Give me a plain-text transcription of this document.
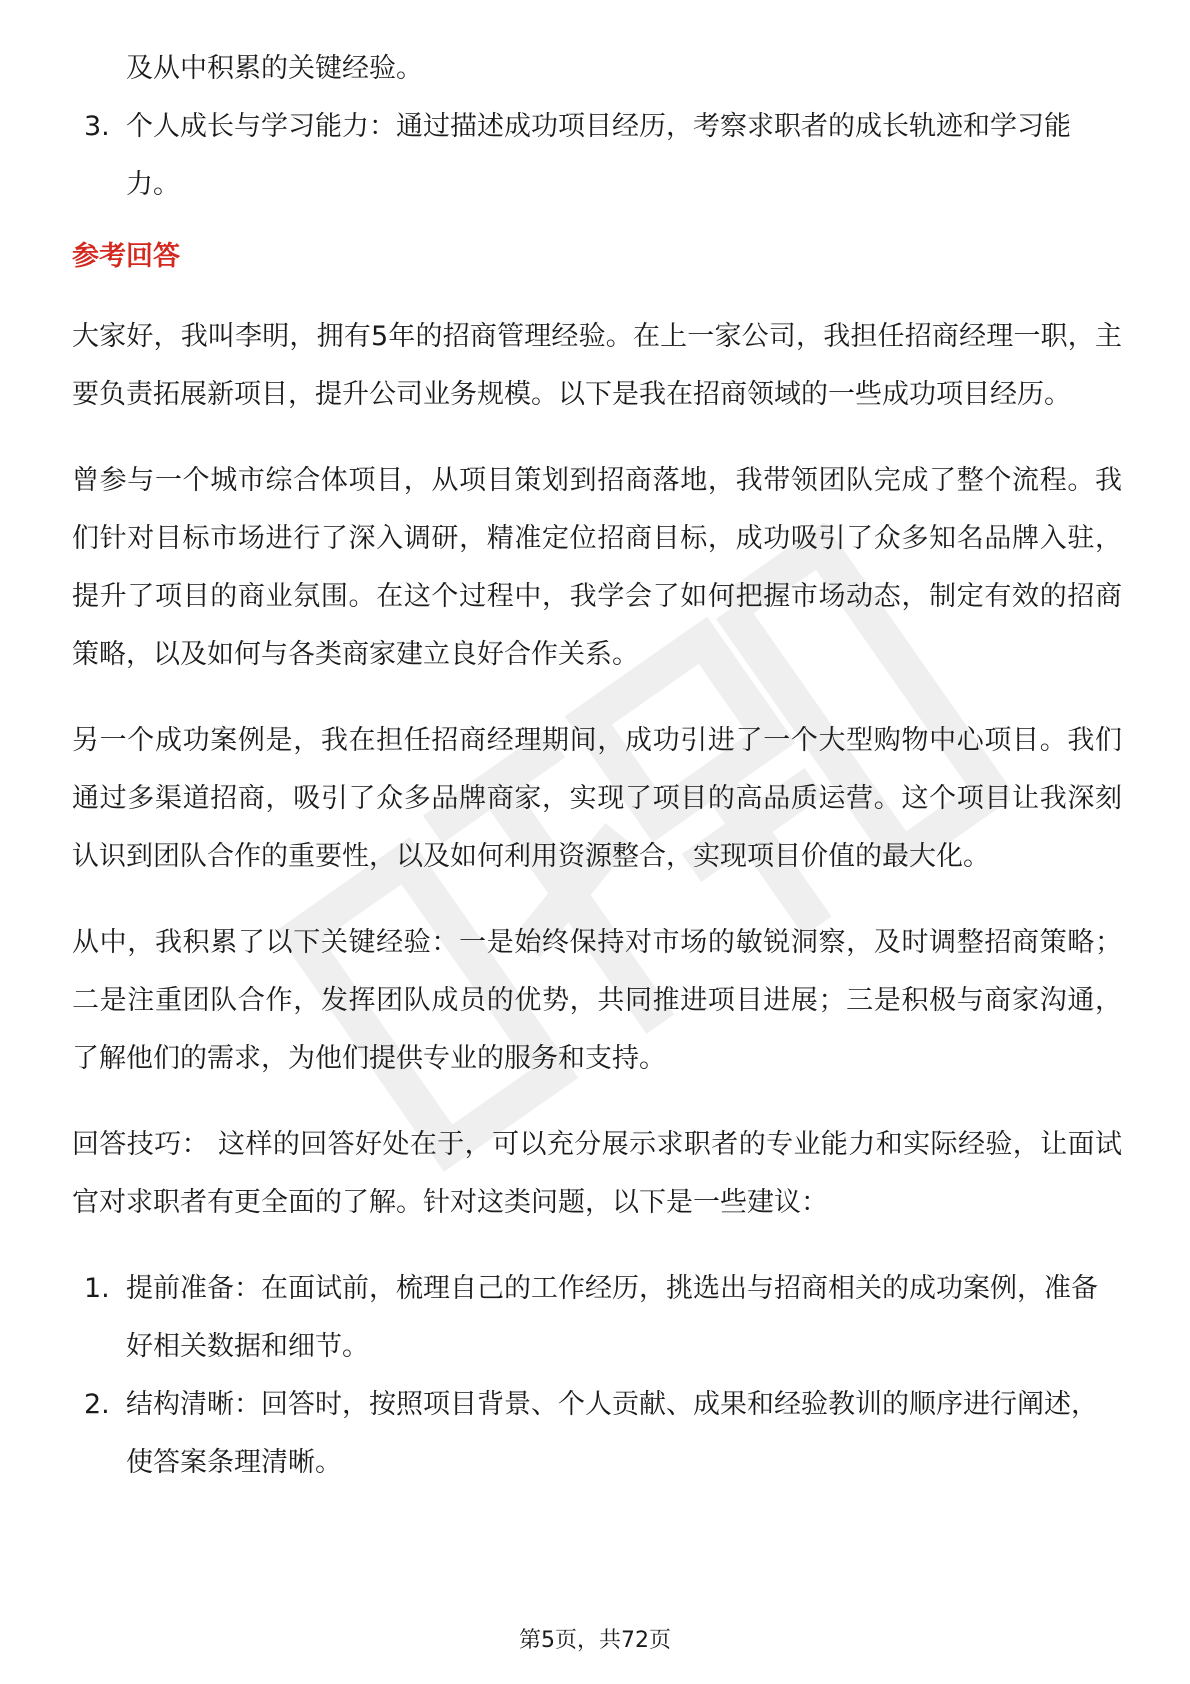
及从中积累的关键经验。

3. 个人成长与学习能力：通过描述成功项目经历，考察求职者的成长轨迹和学习能力。
参考回答

大家好，我叫李明，拥有5年的招商管理经验。在上一家公司，我担任招商经理一职，主要负责拓展新项目，提升公司业务规模。以下是我在招商领域的一些成功项目经历。

曾参与一个城市综合体项目，从项目策划到招商落地，我带领团队完成了整个流程。我们针对目标市场进行了深入调研，精准定位招商目标，成功吸引了众多知名品牌入驻，提升了项目的商业氛围。在这个过程中，我学会了如何把握市场动态，制定有效的招商策略，以及如何与各类商家建立良好合作关系。

另一个成功案例是，我在担任招商经理期间，成功引进了一个大型购物中心项目。我们通过多渠道招商，吸引了众多品牌商家，实现了项目的高品质运营。这个项目让我深刻认识到团队合作的重要性，以及如何利用资源整合，实现项目价值的最大化。

从中，我积累了以下关键经验：一是始终保持对市场的敏锐洞察，及时调整招商策略；二是注重团队合作，发挥团队成员的优势，共同推进项目进展；三是积极与商家沟通，了解他们的需求，为他们提供专业的服务和支持。

回答技巧： 这样的回答好处在于，可以充分展示求职者的专业能力和实际经验，让面试官对求职者有更全面的了解。针对这类问题，以下是一些建议：

1. 提前准备：在面试前，梳理自己的工作经历，挑选出与招商相关的成功案例，准备好相关数据和细节。
2. 结构清晰：回答时，按照项目背景、个人贡献、成果和经验教训的顺序进行阐述，使答案条理清晰。
第5页，共72页
